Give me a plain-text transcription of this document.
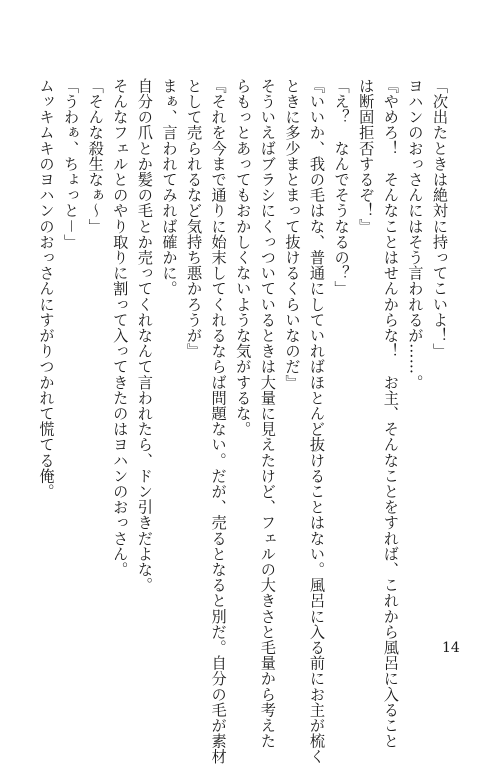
「次出たときは絶対に持ってこいよ！」
ヨハンのおっさんにはそう言われるが……。
『やめろ！　そんなことはせんからな！　お主、そんなことをすれば、これから風呂に入ること
は断固拒否するぞ！』
「え？　なんでそうなるの？」
『いいか、我の毛はな、普通にしていればほとんど抜けることはない。風呂に入る前にお主が梳く
ときに多少まとまって抜けるくらいなのだ』
そういえばブラシにくっついているときは大量に見えたけど、フェルの大きさと毛量から考えた
らもっとあってもおかしくないような気がするな。
『それを今まで通りに始末してくれるならば問題ない。だが、売るとなると別だ。自分の毛が素材
として売られるなど気持ち悪かろうが』
まぁ、言われてみれば確かに。
自分の爪とか髪の毛とか売ってくれなんて言われたら、ドン引きだよな。
そんなフェルとのやり取りに割って入ってきたのはヨハンのおっさん。
「そんな殺生なぁ～」
「うわぁ、ちょっと－」
ムッキムキのヨハンのおっさんにすがりつかれて慌てる俺。
14
